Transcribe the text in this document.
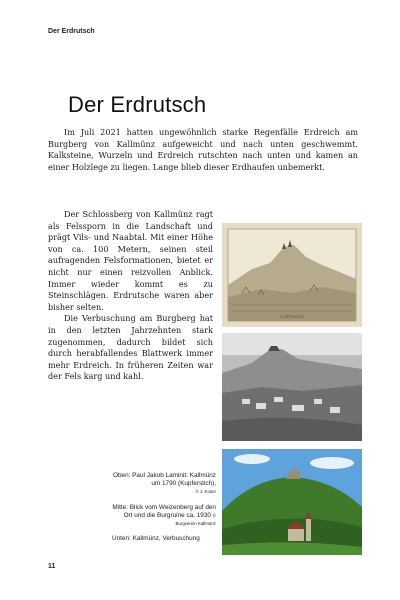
Der Erdrutsch
Der Erdrutsch

Im Juli 2021 hatten ungewöhnlich starke Regenfälle Erdreich am Burgberg von Kallmünz aufgeweicht und nach unten geschwemmt. Kalksteine, Wurzeln und Erdreich rutschten nach unten und kamen an einer Holzlege zu liegen. Lange blieb dieser Erdhaufen unbemerkt.

Der Schlossberg von Kallmünz ragt als Felssporn in die Landschaft und prägt Vils- und Naabtal. Mit einer Höhe von ca. 100 Metern, seinen steil aufragenden Felsformationen, bietet er nicht nur einen reizvollen Anblick. Immer wieder kommt es zu Steinschlägen. Erdrutsche waren aber bisher selten.

Die Verbuschung am Burgberg hat in den letzten Jahrzehnten stark zugenommen, dadurch bildet sich durch herabfallendes Blattwerk immer mehr Erdreich. In früheren Zeiten war der Fels karg und kahl.

Callmünz

Oben: Paul Jakob Laminit: Kallmünz um 1790 (Kupferstich),
© J. Koser

Mitte: Blick vom Weizenberg auf den Ort und die Burgruine ca. 1930 © Burgverein Kallmünz

Unten: Kallmünz, Verbuschung

11
